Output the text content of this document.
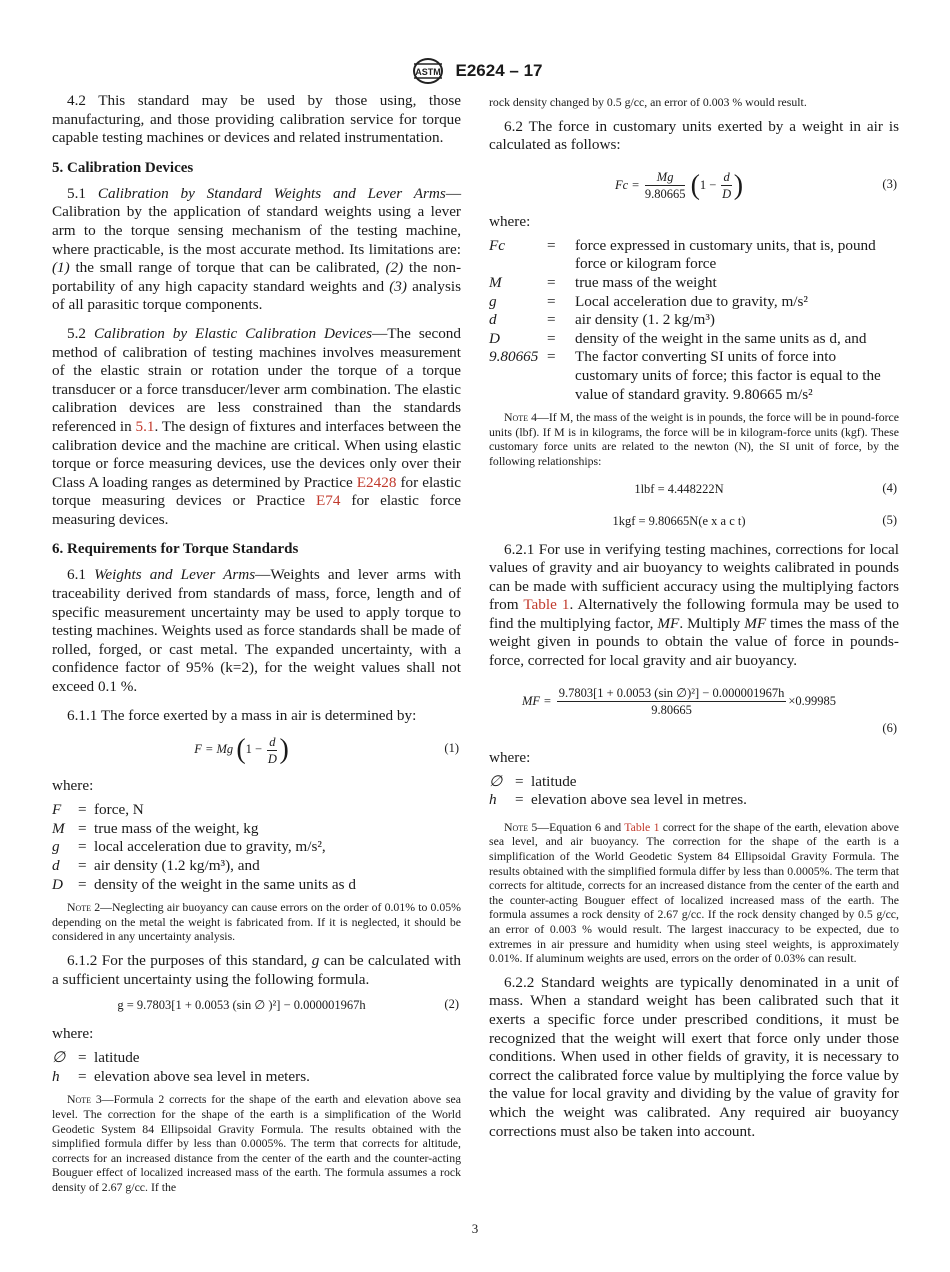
ASTM E2624 – 17

4.2 This standard may be used by those using, those manufacturing, and those providing calibration service for torque capable testing machines or devices and related instrumentation.

5. Calibration Devices

5.1 Calibration by Standard Weights and Lever Arms—Calibration by the application of standard weights using a lever arm to the torque sensing mechanism of the testing machine, where practicable, is the most accurate method. Its limitations are: (1) the small range of torque that can be calibrated, (2) the non-portability of any high capacity standard weights and (3) analysis of all parasitic torque components.

5.2 Calibration by Elastic Calibration Devices—The second method of calibration of testing machines involves measurement of the elastic strain or rotation under the torque of a torque transducer or a force transducer/lever arm combination. The elastic calibration devices are less constrained than the standards referenced in 5.1. The design of fixtures and interfaces between the calibration device and the machine are critical. When using elastic torque or force measuring devices, use the devices only over their Class A loading ranges as determined by Practice E2428 for elastic torque measuring devices or Practice E74 for elastic force measuring devices.

6. Requirements for Torque Standards

6.1 Weights and Lever Arms—Weights and lever arms with traceability derived from standards of mass, force, length and of specific measurement uncertainty may be used to apply torque to testing machines. Weights used as force standards shall be made of rolled, forged, or cast metal. The expanded uncertainty, with a confidence factor of 95% (k=2), for the weight values shall not exceed 0.1 %.

6.1.1 The force exerted by a mass in air is determined by:

F = Mg ($1 - \frac{d}{D}$ )	(1)
where:
F	= force, N
M = true mass of the weight, kg
g	= local acceleration due to gravity, m/s²,
d	= air density (1.2 kg/m³), and
D = density of the weight in the same units as d

Note 2—Neglecting air buoyancy can cause errors on the order of 0.01% to 0.05% depending on the metal the weight is fabricated from. If it is neglected, it should be considered in any uncertainty analysis.

6.1.2 For the purposes of this standard, g can be calculated with a sufficient uncertainty using the following formula.

g = 9.7803[1 + 0.0053 (sin ∅ )²] − 0.000001967h	(2)
where:
∅ = latitude
h	= elevation above sea level in meters.

Note 3—Formula 2 corrects for the shape of the earth and elevation above sea level. The correction for the shape of the earth is a simplification of the World Geodetic System 84 Ellipsoidal Gravity Formula. The results obtained with the simplified formula differ by less than 0.0005%. The term that corrects for altitude, corrects for an increased distance from the center of the earth and the counter-acting Bouguer effect of localized increased mass of the earth. The formula assumes a rock density of 2.67 g/cc. If the

rock density changed by 0.5 g/cc, an error of 0.003 % would result.

6.2 The force in customary units exerted by a weight in air is calculated as follows:

$Fc = \frac{Mg}{9.80665} (1 - \frac{d}{D}$ )	(3)
where:
Fc	=	force expressed in customary units, that is, pound force or kilogram force
M	=	true mass of the weight
g	=	Local acceleration due to gravity, m/s²
d	=	air density (1. 2 kg/m³)
D	=	density of the weight in the same units as d, and
9.80665 =	The factor converting SI units of force into customary units of force; this factor is equal to the value of standard gravity. 9.80665 m/s²

Note 4—If M, the mass of the weight is in pounds, the force will be in pound-force units (lbf). If M is in kilograms, the force will be in kilogram-force units (kgf). These customary force units are related to the newton (N), the SI unit of force, by the following relationships:

1lbf = 4.448222N	(4)
1kgf = 9.80665N(e x a c t)	(5)

6.2.1 For use in verifying testing machines, corrections for local values of gravity and air buoyancy to weights calibrated in pounds can be made with sufficient accuracy using the multiplying factors from Table 1. Alternatively the following formula may be used to find the multiplying factor, MF. Multiply MF times the mass of the weight given in pounds to obtain the value of force in pounds-force, corrected for local gravity and air buoyancy.

MF = $\frac{\text{9.7803[1 + 0.0053 (sin ∅)²] − 0.000001967h}}{9.80665} \times 0.99985$
(6)
where:
∅ = latitude
h	= elevation above sea level in metres.

Note 5—Equation 6 and Table 1 correct for the shape of the earth, elevation above sea level, and air buoyancy. The correction for the shape of the earth is a simplification of the World Geodetic System 84 Ellipsoidal Gravity Formula. The results obtained with the simplified formula differ by less than 0.0005%. The term that corrects for altitude, corrects for an increased distance from the center of the earth and the counter-acting Bouguer effect of localized increased mass of the earth. The formula assumes a rock density of 2.67 g/cc. If the rock density changed by 0.5 g/cc, an error of 0.003 % would result. The largest inaccuracy to be expected, due to extremes in air pressure and humidity when using steel weights, is approximately 0.01%. If aluminum weights are used, errors on the order of 0.03% can result.

6.2.2 Standard weights are typically denominated in a unit of mass. When a standard weight has been calibrated such that it exerts a specific force under prescribed conditions, it must be recognized that the weight will exert that force only under those conditions. When used in other fields of gravity, it is necessary to correct the calibrated force value by multiplying the force value by the value for local gravity and dividing by the value of gravity for which the weight was calibrated. Any required air buoyancy corrections must also be taken into account.

3
